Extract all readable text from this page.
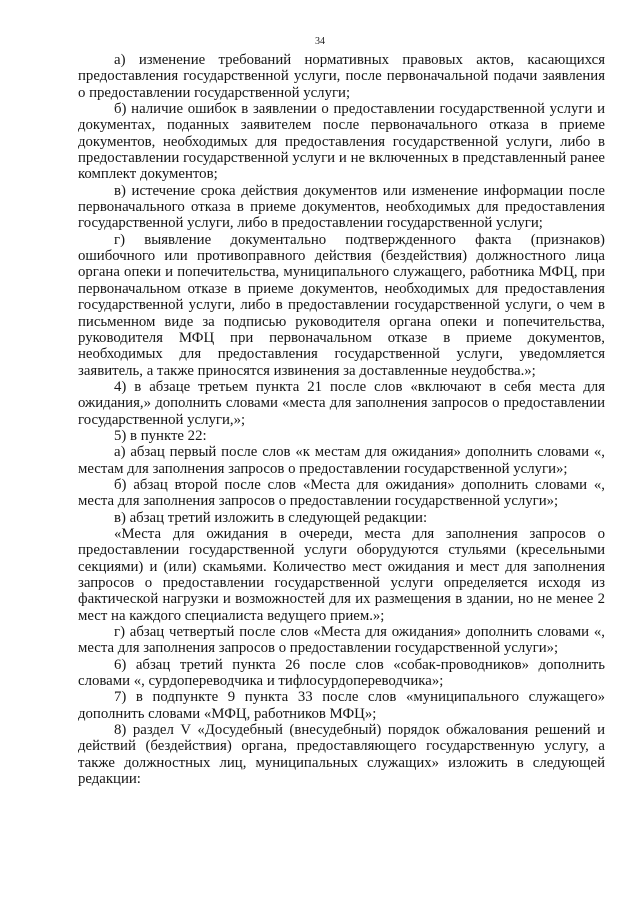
34

а) изменение требований нормативных правовых актов, касающихся предоставления государственной услуги, после первоначальной подачи заявления о предоставлении государственной услуги;

б) наличие ошибок в заявлении о предоставлении государственной услуги и документах, поданных заявителем после первоначального отказа в приеме документов, необходимых для предоставления государственной услуги, либо в предоставлении государственной услуги и не включенных в представленный ранее комплект документов;

в) истечение срока действия документов или изменение информации после первоначального отказа в приеме документов, необходимых для предоставления государственной услуги, либо в предоставлении государственной услуги;

г) выявление документально подтвержденного факта (признаков) ошибочного или противоправного действия (бездействия) должностного лица органа опеки и попечительства, муниципального служащего, работника МФЦ, при первоначальном отказе в приеме документов, необходимых для предоставления государственной услуги, либо в предоставлении государственной услуги, о чем в письменном виде за подписью руководителя органа опеки и попечительства, руководителя МФЦ при первоначальном отказе в приеме документов, необходимых для предоставления государственной услуги, уведомляется заявитель, а также приносятся извинения за доставленные неудобства.»;

4) в абзаце третьем пункта 21 после слов «включают в себя места для ожидания,» дополнить словами «места для заполнения запросов о предоставлении государственной услуги,»;

5) в пункте 22:

а) абзац первый после слов «к местам для ожидания» дополнить словами «, местам для заполнения запросов о предоставлении государственной услуги»;

б) абзац второй после слов «Места для ожидания» дополнить словами «, места для заполнения запросов о предоставлении государственной услуги»;

в) абзац третий изложить в следующей редакции:

«Места для ожидания в очереди, места для заполнения запросов о предоставлении государственной услуги оборудуются стульями (кресельными секциями) и (или) скамьями. Количество мест ожидания и мест для заполнения запросов о предоставлении государственной услуги определяется исходя из фактической нагрузки и возможностей для их размещения в здании, но не менее 2 мест на каждого специалиста ведущего прием.»;

г) абзац четвертый после слов «Места для ожидания» дополнить словами «, места для заполнения запросов о предоставлении государственной услуги»;

6) абзац третий пункта 26 после слов «собак-проводников» дополнить словами «, сурдопереводчика и тифлосурдопереводчика»;

7) в подпункте 9 пункта 33 после слов «муниципального служащего» дополнить словами «МФЦ, работников МФЦ»;

8) раздел V «Досудебный (внесудебный) порядок обжалования решений и действий (бездействия) органа, предоставляющего государственную услугу, а также должностных лиц, муниципальных служащих» изложить в следующей редакции:
